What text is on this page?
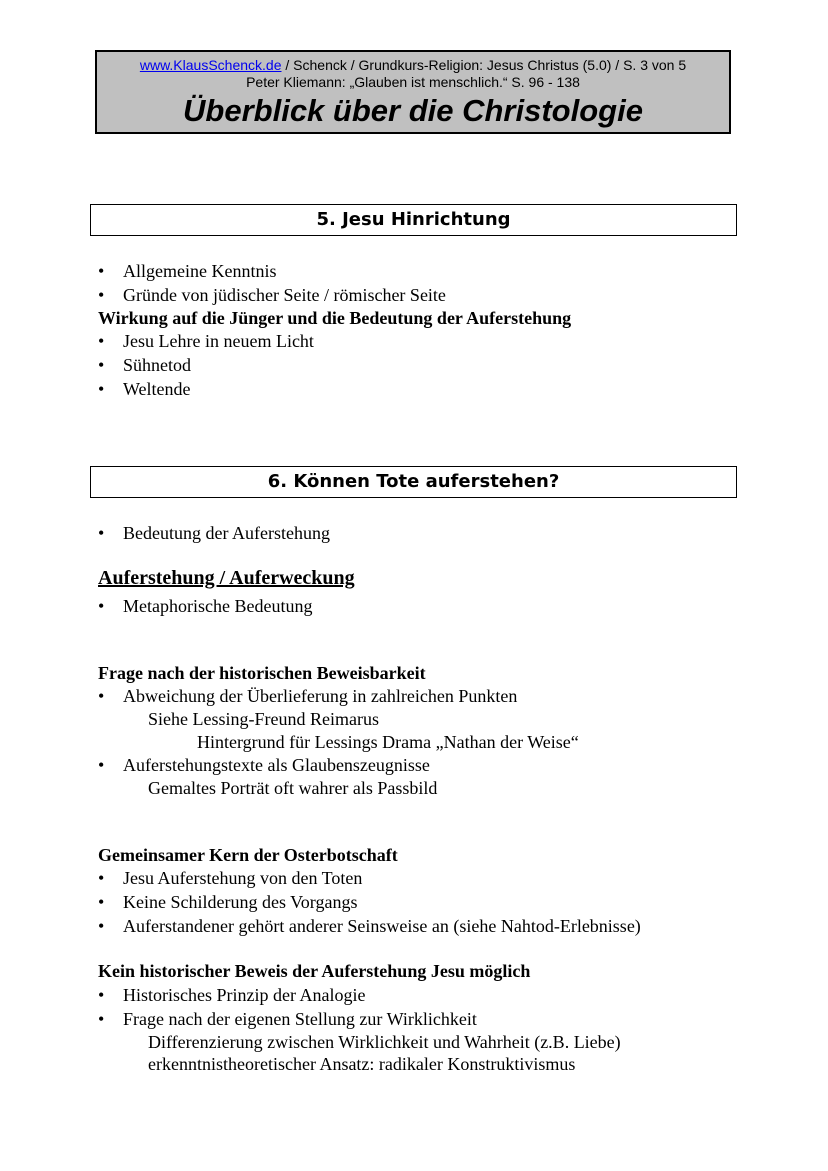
www.KlausSchenck.de / Schenck / Grundkurs-Religion: Jesus Christus (5.0) / S. 3 von 5
Peter Kliemann: „Glauben ist menschlich.“ S. 96 - 138
Überblick über die Christologie
5. Jesu Hinrichtung
• Allgemeine Kenntnis
• Gründe von jüdischer Seite / römischer Seite
Wirkung auf die Jünger und die Bedeutung der Auferstehung
• Jesu Lehre in neuem Licht
• Sühnetod
• Weltende
6. Können Tote auferstehen?
• Bedeutung der Auferstehung
Auferstehung / Auferweckung
• Metaphorische Bedeutung
Frage nach der historischen Beweisbarkeit
• Abweichung der Überlieferung in zahlreichen Punkten
Siehe Lessing-Freund Reimarus
Hintergrund für Lessings Drama „Nathan der Weise“
• Auferstehungstexte als Glaubenszeugnisse
Gemaltes Porträt oft wahrer als Passbild
Gemeinsamer Kern der Osterbotschaft
• Jesu Auferstehung von den Toten
• Keine Schilderung des Vorgangs
• Auferstandener gehört anderer Seinsweise an (siehe Nahtod-Erlebnisse)
Kein historischer Beweis der Auferstehung Jesu möglich
• Historisches Prinzip der Analogie
• Frage nach der eigenen Stellung zur Wirklichkeit
Differenzierung zwischen Wirklichkeit und Wahrheit (z.B. Liebe)
erkenntnistheoretischer Ansatz: radikaler Konstruktivismus
